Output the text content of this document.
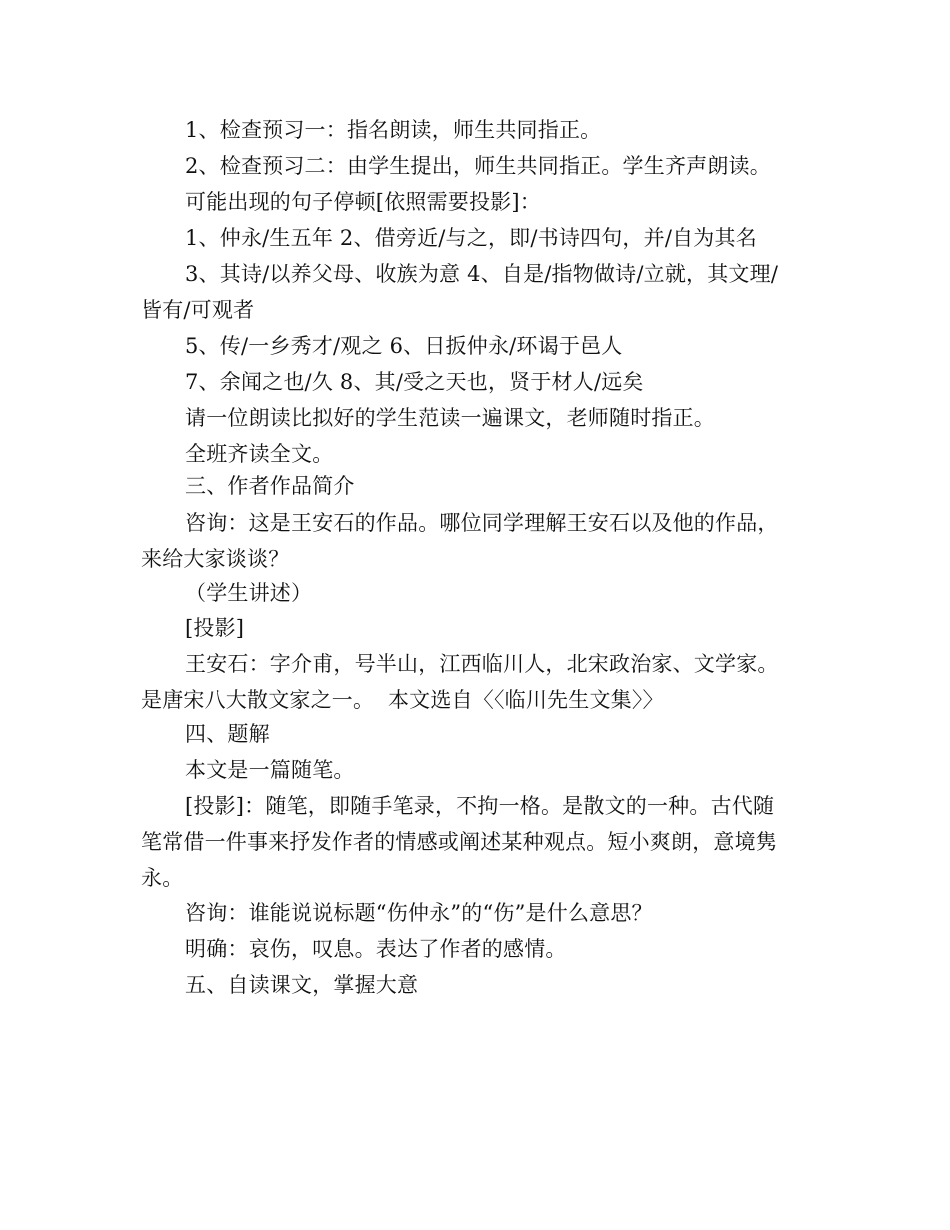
1、检查预习一：指名朗读，师生共同指正。
2、检查预习二：由学生提出，师生共同指正。学生齐声朗读。
可能出现的句子停顿[依照需要投影]：
1、仲永/生五年 2、借旁近/与之，即/书诗四句，并/自为其名
3、其诗/以养父母、收族为意 4、自是/指物做诗/立就，其文理/
皆有/可观者
5、传/一乡秀才/观之 6、日扳仲永/环谒于邑人
7、余闻之也/久 8、其/受之天也，贤于材人/远矣
请一位朗读比拟好的学生范读一遍课文，老师随时指正。
全班齐读全文。
三、作者作品简介
咨询：这是王安石的作品。哪位同学理解王安石以及他的作品，
来给大家谈谈？
（学生讲述）
[投影]
王安石：字介甫，号半山，江西临川人，北宋政治家、文学家。
是唐宋八大散文家之一。  本文选自〈〈临川先生文集〉〉
四、题解
本文是一篇随笔。
[投影]：随笔，即随手笔录，不拘一格。是散文的一种。古代随
笔常借一件事来抒发作者的情感或阐述某种观点。短小爽朗，意境隽
永。
咨询：谁能说说标题“伤仲永”的“伤”是什么意思？
明确：哀伤，叹息。表达了作者的感情。
五、自读课文，掌握大意
